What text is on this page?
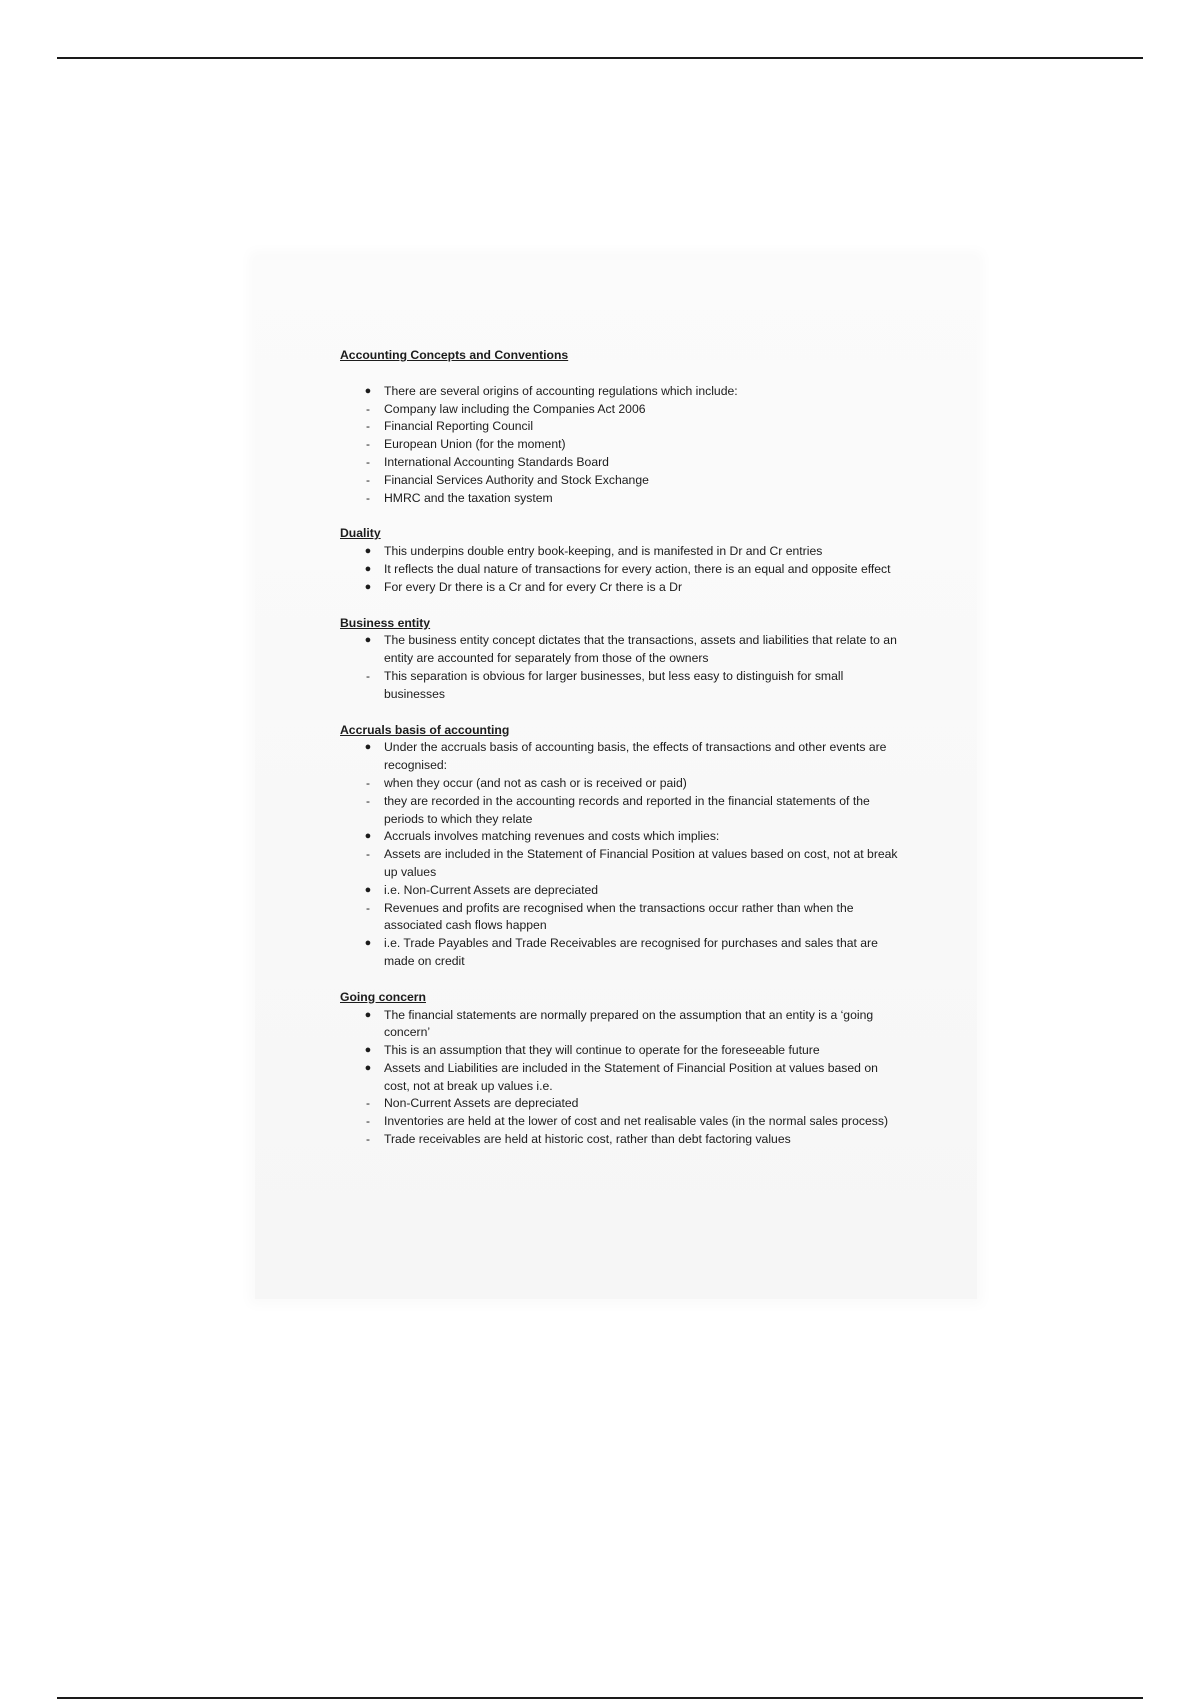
Accounting Concepts and Conventions
●	There are several origins of accounting regulations which include:
-	Company law including the Companies Act 2006
-	Financial Reporting Council
-	European Union (for the moment)
-	International Accounting Standards Board
-	Financial Services Authority and Stock Exchange
-	HMRC and the taxation system
Duality
●	This underpins double entry book-keeping, and is manifested in Dr and Cr entries
●	It reflects the dual nature of transactions for every action, there is an equal and opposite effect
●	For every Dr there is a Cr and for every Cr there is a Dr
Business entity
●	The business entity concept dictates that the transactions, assets and liabilities that relate to an entity are accounted for separately from those of the owners
-	This separation is obvious for larger businesses, but less easy to distinguish for small businesses
Accruals basis of accounting
●	Under the accruals basis of accounting basis, the effects of transactions and other events are recognised:
-	when they occur (and not as cash or is received or paid)
-	they are recorded in the accounting records and reported in the financial statements of the periods to which they relate
●	Accruals involves matching revenues and costs which implies:
-	Assets are included in the Statement of Financial Position at values based on cost, not at break up values
●	i.e. Non-Current Assets are depreciated
-	Revenues and profits are recognised when the transactions occur rather than when the associated cash flows happen
●	i.e. Trade Payables and Trade Receivables are recognised for purchases and sales that are made on credit
Going concern
●	The financial statements are normally prepared on the assumption that an entity is a ‘going concern’
●	This is an assumption that they will continue to operate for the foreseeable future
●	Assets and Liabilities are included in the Statement of Financial Position at values based on cost, not at break up values i.e.
-	Non-Current Assets are depreciated
-	Inventories are held at the lower of cost and net realisable vales (in the normal sales process)
-	Trade receivables are held at historic cost, rather than debt factoring values
